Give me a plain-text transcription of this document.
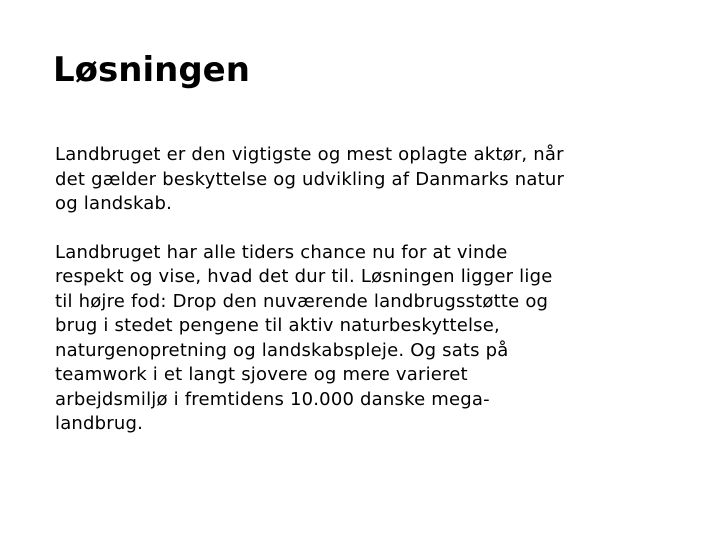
Løsningen

Landbruget er den vigtigste og mest oplagte aktør, når
det gælder beskyttelse og udvikling af Danmarks natur
og landskab.

Landbruget har alle tiders chance nu for at vinde
respekt og vise, hvad det dur til. Løsningen ligger lige
til højre fod: Drop den nuværende landbrugsstøtte og
brug i stedet pengene til aktiv naturbeskyttelse,
naturgenopretning og landskabspleje. Og sats på
teamwork i et langt sjovere og mere varieret
arbejdsmiljø i fremtidens 10.000 danske mega-
landbrug.
